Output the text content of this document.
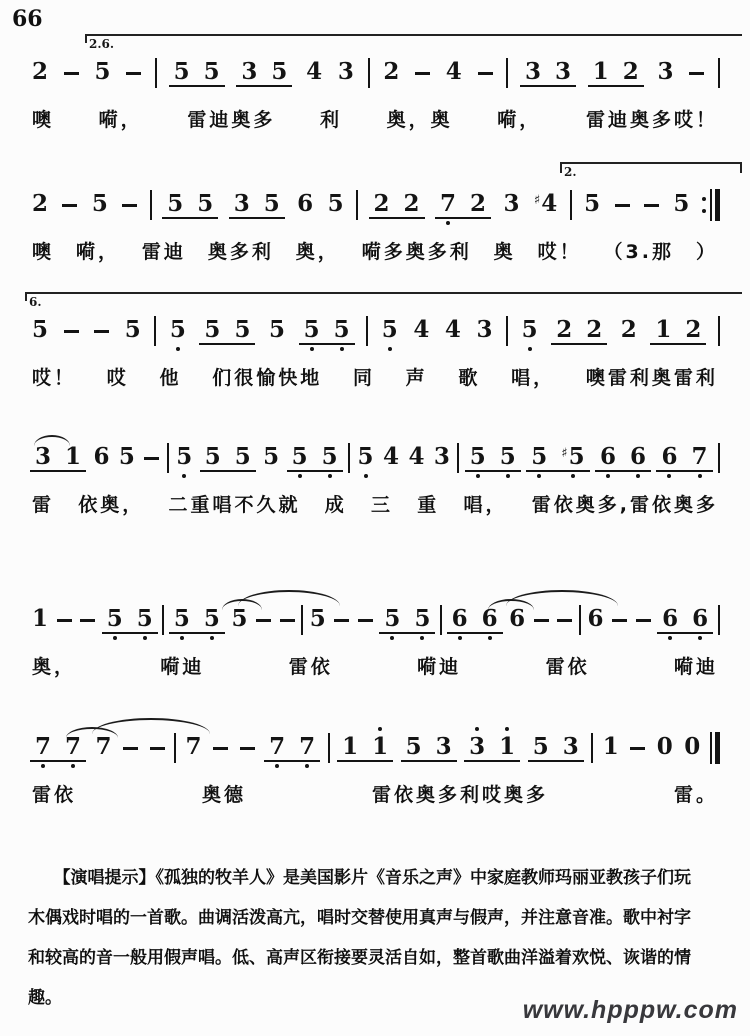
66
2.6.
2.
6.
2 5	5 5 3 5 4 3 2 4	3 3 1 2 3
噢 嗬， 雷迪奥多 利 奥，奥 嗬， 雷迪奥多哎！
2 5	5 5 3 5 6 5 2 2 7 2 3 ♯ 4 5	5
噢 嗬， 雷迪 奥多利 奥， 嗬多奥多利 奥 哎！ （3.那　）
5	5 5 5 5 5 5 5 5 4 4 3 5 2 2 2 1 2
哎！ 哎 他 们很愉快地 同 声 歌 唱， 噢雷利奥雷利
3 1 6 5 5 5 5 5 5 5 5 4 4 3 5 5 5 ♯ 5 6 6 6 7
雷 依奥， 二重唱不久就 成 三 重 唱， 雷依奥多,雷依奥多
1	5 5 5 5 5	5	5 5 6 6 6	6	6 6
奥，	嗬迪	雷依	嗬迪	雷依	嗬迪
7 7 7	7	7 7 1 1 5 3 3 1 5 3 1 0 0
雷依	奥德	雷依奥多利哎奥多	雷。
　　【演唱提示】《孤独的牧羊人》是美国影片《音乐之声》中家庭教师玛丽亚教孩子们玩
木偶戏时唱的一首歌。曲调活泼高亢，唱时交替使用真声与假声，并注意音准。歌中衬字
和较高的音一般用假声唱。低、高声区衔接要灵活自如，整首歌曲洋溢着欢悦、诙谐的情
趣。	www.hpppw.com
